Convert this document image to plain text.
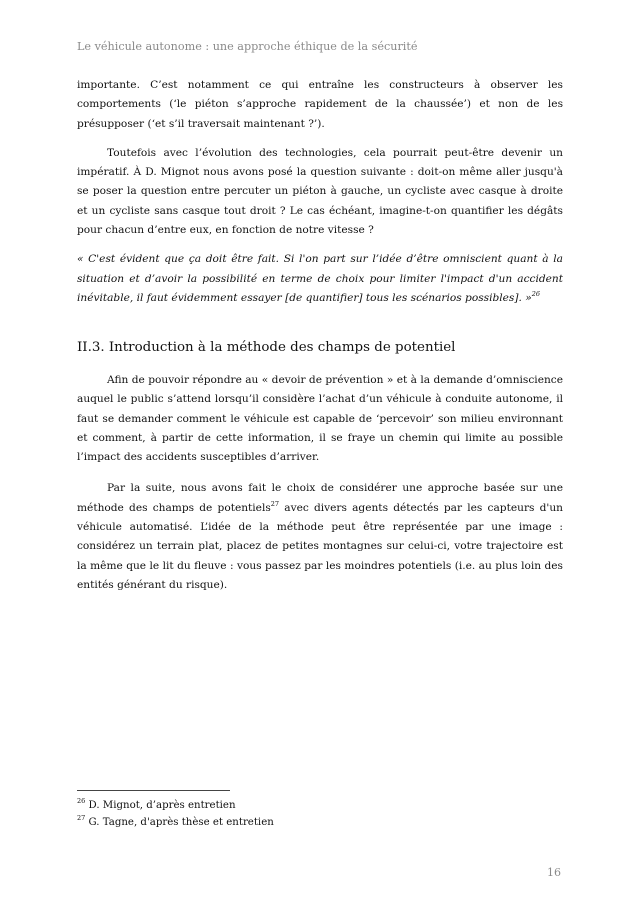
Le véhicule autonome : une approche éthique de la sécurité

importante. C’est notamment ce qui entraîne les constructeurs à observer les comportements (‘le piéton s’approche rapidement de la chaussée’) et non de les présupposer (‘et s’il traversait maintenant ?’).

Toutefois avec l’évolution des technologies, cela pourrait peut-être devenir un impératif. À D. Mignot nous avons posé la question suivante : doit-on même aller jusqu'à se poser la question entre percuter un piéton à gauche, un cycliste avec casque à droite et un cycliste sans casque tout droit ? Le cas échéant, imagine-t-on quantifier les dégâts pour chacun d’entre eux, en fonction de notre vitesse ?

« C'est évident que ça doit être fait. Si l'on part sur l’idée d’être omniscient quant à la situation et d’avoir la possibilité en terme de choix pour limiter l'impact d'un accident inévitable, il faut évidemment essayer [de quantifier] tous les scénarios possibles]. »$^{26}$

II.3. Introduction à la méthode des champs de potentiel

Afin de pouvoir répondre au « devoir de prévention » et à la demande d’omniscience auquel le public s’attend lorsqu’il considère l’achat d’un véhicule à conduite autonome, il faut se demander comment le véhicule est capable de ‘percevoir’ son milieu environnant et comment, à partir de cette information, il se fraye un chemin qui limite au possible l’impact des accidents susceptibles d’arriver.

Par la suite, nous avons fait le choix de considérer une approche basée sur une méthode des champs de potentiels$^{27}$ avec divers agents détectés par les capteurs d'un véhicule automatisé. L’idée de la méthode peut être représentée par une image : considérez un terrain plat, placez de petites montagnes sur celui-ci, votre trajectoire est la même que le lit du fleuve : vous passez par les moindres potentiels (i.e. au plus loin des entités générant du risque).

$^{26}$ D. Mignot, d’après entretien
$^{27}$ G. Tagne, d'après thèse et entretien
16
